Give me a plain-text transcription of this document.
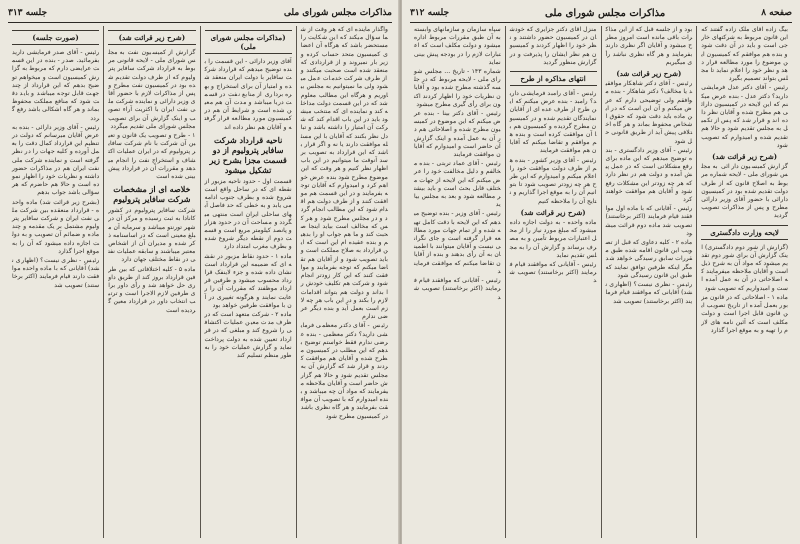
مذاکرات مجلس شورای ملی
جلسه ۳۱۳

واگذار ماینده ای که هر وقت از شما سؤال میکند که این شکایت را مستحضر باشد که هرگاه آن اعضای کمیسیون متحد حساب کرده و زیر بار نمیروند و از قراردادی که منعقد شده است صحبت میکنند و از طرف شرکت خدمات عمل میشود ولی ما نمیتوانیم به مجلس بیاوریم و هرگاه این مطالب معلوم شد که در این قسمت دولت مداخله کند و نماینده ای که منتخب میشود باید در این باب اقدام کند که شرکت آن امتیاز را داشته باشد و تبادل نظر بکنند که آقایان با این مسئله موافقت دارند یا نه و اگر قرار باشد که این قرارداد به تصویب برسد آنوقت ما میتوانیم در این باب اظهار نظر کنیم و هر وقت که این موضوع مطرح شود بنده عرض خواهم کرد و امیدوارم که آقایان توجه بفرمایند و در این قسمت هم موافقت کنند و از طرف دولت هم اقدام شود که این مطالب انجام گردد و در مجلس مطرح شود و هر کس که مخالف است بیاید اینجا صحبت کند و ما هم جواب او را بدهیم و بنده عقیده ام این است که این قرارداد به صلاح مملکت است و باید تصویب شود و از آقایان هم تقاضا میکنم که توجه بفرمایند و موافقت کنند که این کار زودتر انجام شود و شرکت هم تکلیف خودش را بداند و دولت هم بتواند اقدامات لازم را بکند و در این باب هر چه لازم است بعمل آید و بنده دیگر عرضی ندارم

رئیس - آقای دکتر معظمی فرمایشی دارید؟ دکتر معظمی - بنده عرضی ندارم فقط خواستم توضیح بدهم که این مطلب در کمیسیون مطرح شده و آقایان هم موافقت کردند و قرار شد که گزارش آن به مجلس تقدیم شود و حالا هم گزارش حاضر است و آقایان ملاحظه میفرمایند که مواد آن چه میباشد و بنده امیدوارم که با تصویب آن موافقت بفرمایند و هر گاه نظری باشد در کمیسیون مطرح شود

(مذاکرات مجلس شورای ملی)

آقای وزیر دارائی - این قسمت را بنده توضیح میدهم که قرارداد شرکت سافایر با دولت ایران منعقد شده و امتیاز آن برای استخراج و بهره برداری از منابع نفت در قسمت دریا میباشد و مدت آن هم معین شده است و شرایط آن هم در کمیسیون مورد مطالعه قرار گرفته و آقایان هم نظر داده اند

ناحیه قرارداد شرکت سافایر پترولیوم از دو قسمت مجزا بشرح زیر تشکیل میشود

قسمت اول - حدود ناحیه مزبور از نقطه ای که در ساحل واقع است شروع شده و بطرف جنوب ادامه می یابد و به خطی که حد فاصل آبهای ساحلی ایران است منتهی میگردد و مساحت آن در حدود هزار و پانصد کیلومتر مربع است و قسمت دوم از نقطه دیگر شروع شده و بطرف مغرب امتداد دارد

ماده ۱ - حدود نقاط مزبور در نقشه ای که ضمیمه این قرارداد است نشان داده شده و جزء لاینفک قرارداد محسوب میشود و طرفین قرارداد موظفند که مقررات آن را رعایت نمایند و هرگونه تغییری در آن با موافقت طرفین خواهد بود

ماده ۲ - شرکت متعهد است که در ظرف مدت معین عملیات اکتشافی را شروع کند و مبلغی که در قرارداد تعیین شده به دولت پرداخت نماید و گزارش عملیات خود را به طور منظم تسلیم کند

(شرح زیر قرائت شد)

گزارش از کمیسیون نفت به مجلس شورای ملی - لایحه قانونی مربوط به قرارداد شرکت سافایر پترولیوم که از طرف دولت تقدیم شده بود در کمیسیون نفت مطرح و پس از مذاکرات لازم با حضور آقای وزیر دارائی و نماینده شرکت ملی نفت ایران با اکثریت آراء تصویب و اینک گزارش آن برای تصویب مجلس شورای ملی تقدیم میگردد

۱ - طرح و تصویب یک قانون و تعیین آن شرکت با نام شرکت سافایر پترولیوم که در ایران عملیات اکتشاف و استخراج نفت را انجام میدهد و مقررات آن در قرارداد پیش بینی شده است

خلاصه ای از مشخصات شرکت سافایر پترولیوم

شرکت سافایر پترولیوم در کشور کانادا به ثبت رسیده و مرکز آن در شهر تورنتو میباشد و سرمایه آن مبلغ معینی است که در اساسنامه ذکر شده و مدیران آن از اشخاص معتبر میباشند و سابقه عملیات نفتی در نقاط مختلف جهان دارد

ماده ۵ - کلیه اختلافاتی که بین طرفین قرارداد بروز کند از طریق داوری حل خواهد شد و رأی داور برای طرفین لازم الاجرا است و ترتیب انتخاب داور در قرارداد معین گردیده است

(صورت جلسه)

رئیس - آقای صدر فرمایشی دارید بفرمائید. صدر - بنده در این قسمت عرایضی دارم که مربوط به گزارش کمیسیون است و میخواهم توضیح بدهم که این قرارداد از چند جهت قابل توجه میباشد و باید دقت شود که منافع مملکت محفوظ بماند و هر گاه اشکالی باشد رفع گردد

رئیس - آقای وزیر دارائی - بنده به عرض آقایان میرسانم که دولت در تنظیم این قرارداد کمال دقت را بعمل آورده و کلیه جهات را در نظر گرفته است و نماینده شرکت ملی نفت ایران هم در مذاکرات حضور داشته و نظریات خود را اظهار نموده است و حالا هم حاضرم که هر سؤالی باشد جواب بدهم

(بشرح زیر قرائت شد) ماده واحده - قرارداد منعقده بین شرکت ملی نفت ایران و شرکت سافایر پترولیوم مشتمل بر یک مقدمه و چند ماده و ضمائم آن تصویب و به دولت اجازه داده میشود که آن را به موقع اجرا گذارد

رئیس - نظری نیست؟ (اظهاری نشد) آقایانی که با ماده واحده موافقت دارند قیام فرمایند (اکثر برخاستند) تصویب شد

صفحه ۸
مذاکرات مجلس شورای ملی
جلسه ۳۱۲

بیگ زاده آقای ملک زاده گفتند که این قانون مربوط به شرکتهای خارجی است و باید در آن دقت شود و بنده هم موافقم که کمیسیون این موضوع را مورد مطالعه قرار دهد و نظر خود را اعلام نماید تا مجلس بتواند تصمیم بگیرد

رئیس - آقای دکتر عدل فرمایشی دارید؟ دکتر عدل - بنده عرض میکنم که این لایحه در کمیسیون دارائی هم مطرح شده و آقایان نظر داده اند و قرار شد که پس از تکمیل به مجلس تقدیم شود و حالا هم تقدیم شده و امیدوارم که تصویب شود

(شرح زیر قرائت شد)

گزارش کمیسیون دارائی به مجلس شورای ملی - لایحه شماره مربوط به اصلاح قانون که از طرف دولت تقدیم شده بود در کمیسیون دارائی با حضور آقای وزیر دارائی مطرح و پس از مذاکرات تصویب گردید

لایحه وزارت دادگستری

(گزارش از شور دوم دادگستری) اینک گزارش آن برای شور دوم تقدیم میشود که مواد آن به شرح ذیل است و آقایان ملاحظه میفرمایند که اصلاحاتی در آن به عمل آمده است و امیدواریم که تصویب شود

ماده ۱ - اصلاحاتی که در قانون مزبور بعمل آمده از تاریخ تصویب این قانون قابل اجرا است و دولت مکلف است که آئین نامه های لازم را تهیه و به موقع اجرا گذارد

بود و از جلسه قبل که از این مذاکرات باقی مانده است امروز مطرح میشود و آقایان اگر نظری دارند بفرمایند و هر گاه نظری نباشد رأی میگیریم

(شرح زیر قرائت شد)

رئیس - آقای دکتر شاهکار موافقید یا مخالف؟ دکتر شاهکار - بنده موافقم ولی توضیحی دارم که عرض میکنم و آن این است که در این ماده باید دقت شود که حقوق اشخاص محفوظ بماند و هر گاه اختلافی پیش آید از طریق قانونی حل شود

رئیس - آقای وزیر دادگستری - بنده توضیح میدهم که این ماده برای رفع مشکلاتی است که در عمل پیش آمده و دولت هم در نظر دارد که هر چه زودتر این مشکلات رفع شود و آقایان هم موافقت خواهند کرد

رئیس - آقایانی که با ماده اول موافقند قیام فرمایند (اکثر برخاستند) تصویب شد ماده دوم قرائت میشود

ماده ۲ - کلیه دعاوی که قبل از تصویب این قانون اقامه شده طبق مقررات سابق رسیدگی خواهد شد مگر اینکه طرفین توافق نمایند که طبق این قانون رسیدگی شود

رئیس - نظری نیست؟ (اظهاری نشد) آقایانی که موافقند قیام فرمایند (اکثر برخاستند) تصویب شد

منزل آقای دکتر جزایری که خودشان در کمیسیون حضور داشتند و نظر خود را اظهار کردند و کمیسیون هم نظر ایشان را پذیرفت و در گزارش منظور گردید

انتهای مذاکره از طرح

رئیس - آقای رامبد فرمایشی دارید؟ رامبد - بنده عرض میکنم که این طرح از طرف عده ای از آقایان نمایندگان تقدیم شده و در کمیسیون مطرح گردیده و کمیسیون هم با آن موافقت کرده است و بنده هم موافقم و تقاضا میکنم که آقایان هم موافقت فرمایند

رئیس - آقای وزیر کشور - بنده هم از طرف دولت موافقت خود را اعلام میکنم و امیدوارم که این طرح هر چه زودتر تصویب شود تا بتوانیم آن را به موقع اجرا گذاریم و نتایج آن را ملاحظه کنیم

(شرح زیر قرائت شد)

ماده واحده - به دولت اجازه داده میشود که مبلغ مورد نیاز را از محل اعتبارات مربوط تأمین و به مصرف برساند و گزارش آن را به مجلس تقدیم نماید

رئیس - آقایانی که موافقند قیام فرمایند (اکثر برخاستند) تصویب شد

سپاه سازمان و سازمانهای وابسته به آن طبق مقررات مربوط اداره میشود و دولت مکلف است که اعتبارات لازم را در بودجه پیش بینی نماید

شماره ۱۴۳ - تاریخ ... مجلس شورای ملی - لایحه مربوط که در جلسه گذشته مطرح شده بود و آقایان نظریات خود را اظهار کردند اکنون برای رأی گیری مطرح میشود

رئیس - آقای دکتر بینا - بنده عرض میکنم که این موضوع در کمیسیون مطرح شده و اصلاحاتی هم در آن به عمل آمده و اینک گزارش آن حاضر است و امیدوارم که آقایان موافقت فرمایند

رئیس - آقای عماد تربتی - بنده مخالفم و دلیل مخالفت خود را عرض میکنم که این لایحه از جهات مختلف قابل بحث است و باید بیشتر مطالعه شود و بعد به مجلس بیاید

رئیس - آقای وزیر - بنده توضیح میدهم که این لایحه با دقت کامل تهیه شده و از تمام جهات مورد مطالعه قرار گرفته است و جای نگرانی نیست و آقایان میتوانند با اطمینان به آن رأی بدهند و بنده از آقایان تقاضا میکنم که موافقت فرمایند

رئیس - آقایانی که موافقند قیام فرمایند (اکثر برخاستند) تصویب شد
